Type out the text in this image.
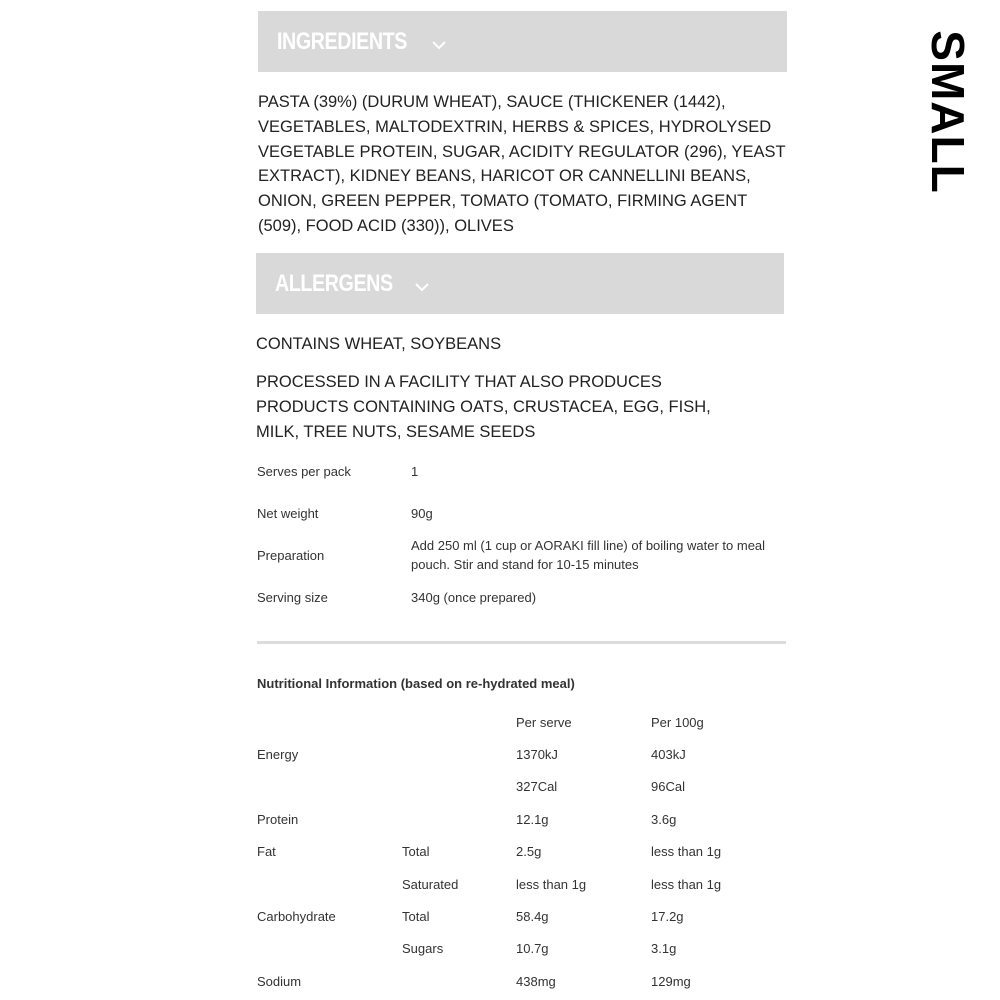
INGREDIENTS
PASTA (39%) (DURUM WHEAT), SAUCE (THICKENER (1442), VEGETABLES, MALTODEXTRIN, HERBS & SPICES, HYDROLYSED VEGETABLE PROTEIN, SUGAR, ACIDITY REGULATOR (296), YEAST EXTRACT), KIDNEY BEANS, HARICOT OR CANNELLINI BEANS, ONION, GREEN PEPPER, TOMATO (TOMATO, FIRMING AGENT (509), FOOD ACID (330)), OLIVES
ALLERGENS
CONTAINS WHEAT, SOYBEANS
PROCESSED IN A FACILITY THAT ALSO PRODUCES PRODUCTS CONTAINING OATS, CRUSTACEA, EGG, FISH, MILK, TREE NUTS, SESAME SEEDS
SMALL
Serves per pack	1
Net weight	90g
Preparation	Add 250 ml (1 cup or AORAKI fill line) of boiling water to meal pouch. Stir and stand for 10-15 minutes
Serving size	340g (once prepared)
Nutritional Information (based on re-hydrated meal)
		Per serve	Per 100g
Energy		1370kJ	403kJ
		327Cal	96Cal
Protein		12.1g	3.6g
Fat	Total	2.5g	less than 1g
	Saturated	less than 1g	less than 1g
Carbohydrate	Total	58.4g	17.2g
	Sugars	10.7g	3.1g
Sodium		438mg	129mg
